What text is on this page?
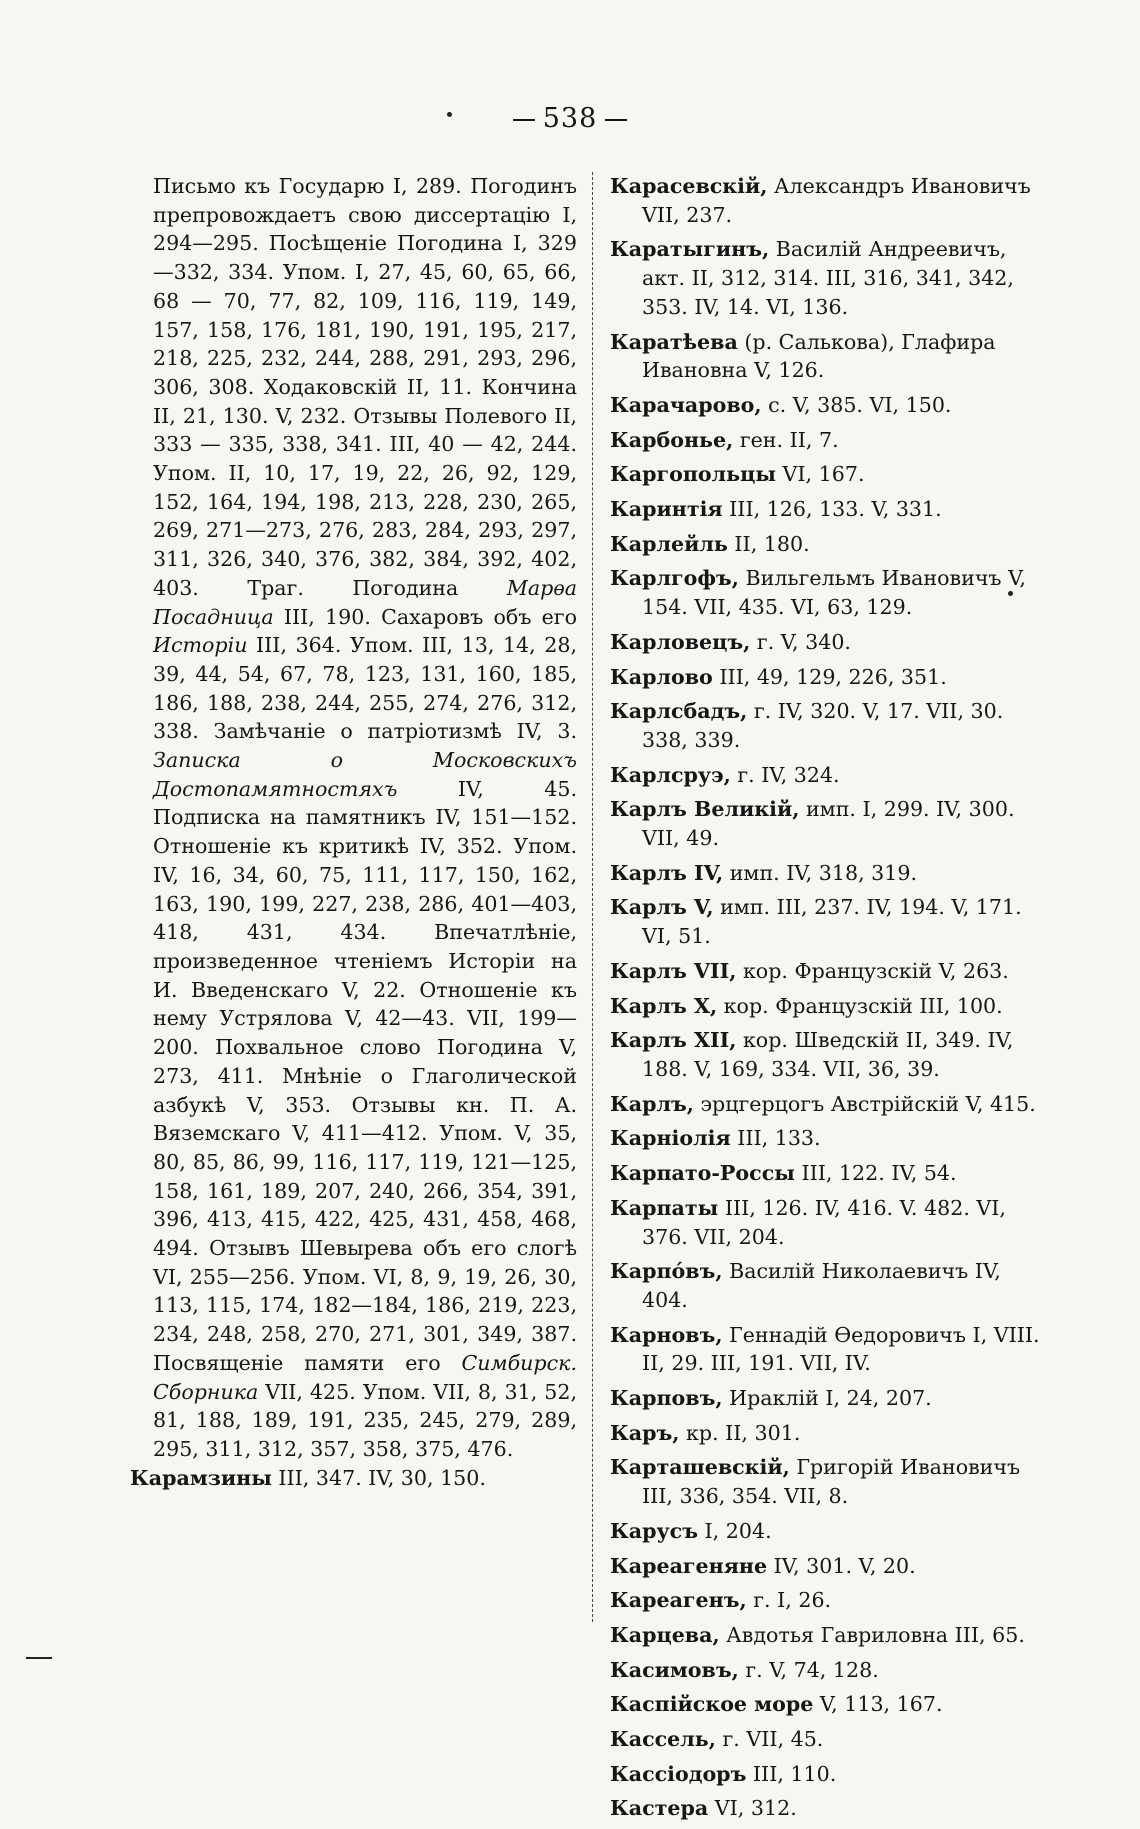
538
Письмо къ Государю I, 289. Погодинъ препровождаетъ свою диссертацію I, 294—295. Посѣщеніе Погодина I, 329—332, 334. Упом. I, 27, 45, 60, 65, 66, 68 — 70, 77, 82, 109, 116, 119, 149, 157, 158, 176, 181, 190, 191, 195, 217, 218, 225, 232, 244, 288, 291, 293, 296, 306, 308. Ходаковскій II, 11. Кончина II, 21, 130. V, 232. Отзывы Полевого II, 333 — 335, 338, 341. III, 40 — 42, 244. Упом. II, 10, 17, 19, 22, 26, 92, 129, 152, 164, 194, 198, 213, 228, 230, 265, 269, 271—273, 276, 283, 284, 293, 297, 311, 326, 340, 376, 382, 384, 392, 402, 403. Траг. Погодина Марѳа Посадница III, 190. Сахаровъ объ его Исторіи III, 364. Упом. III, 13, 14, 28, 39, 44, 54, 67, 78, 123, 131, 160, 185, 186, 188, 238, 244, 255, 274, 276, 312, 338. Замѣчаніе о патріотизмѣ IV, 3. Записка о Московскихъ Достопамятностяхъ	IV, 45. Подписка на памятникъ IV, 151—152. Отношеніе къ критикѣ IV, 352. Упом. IV, 16, 34, 60, 75, 111, 117, 150, 162, 163, 190, 199, 227, 238, 286, 401—403, 418, 431, 434. Впечатлѣніе, произведенное чтеніемъ Исторіи на И. Введенскаго V, 22. Отношеніе къ нему Устрялова V, 42—43. VII, 199—200. Похвальное слово Погодина V, 273, 411. Мнѣніе о Глаголической азбукѣ V, 353. Отзывы кн. П. А. Вяземскаго V, 411—412. Упом. V, 35, 80, 85, 86, 99, 116, 117, 119, 121—125, 158, 161, 189, 207, 240, 266, 354, 391, 396, 413, 415, 422, 425, 431, 458, 468, 494. Отзывъ Шевырева объ его слогѣ VI, 255—256. Упом. VI, 8, 9, 19, 26, 30, 113, 115, 174, 182—184, 186, 219, 223, 234, 248, 258, 270, 271, 301, 349, 387. Посвященіе памяти его Симбирск. Сборника VII, 425. Упом. VII, 8, 31, 52, 81, 188, 189, 191, 235, 245, 279, 289, 295, 311, 312, 357, 358, 375, 476.
Карамзины III, 347. IV, 30, 150.
Карасевскій, Александръ Ивановичъ VII, 237.
Каратыгинъ, Василій Андреевичъ, акт. II, 312, 314. III, 316, 341, 342, 353. IV, 14. VI, 136.
Каратѣева (р. Салькова), Глафира Ивановна V, 126.
Карачарово, с. V, 385. VI, 150.
Карбонье, ген. II, 7.
Каргопольцы VI, 167.
Каринтія III, 126, 133. V, 331.
Карлейль II, 180.
Карлгофъ, Вильгельмъ Ивановичъ V, 154. VII, 435. VI, 63, 129.
Карловецъ, г. V, 340.
Карлово III, 49, 129, 226, 351.
Карлсбадъ, г. IV, 320. V, 17. VII, 30. 338, 339.
Карлсруэ, г. IV, 324.
Карлъ Великій, имп. I, 299. IV, 300. VII, 49.
Карлъ IV, имп. IV, 318, 319.
Карлъ V, имп. III, 237. IV, 194. V, 171. VI, 51.
Карлъ VII, кор. Французскій V, 263.
Карлъ X, кор. Французскій III, 100.
Карлъ XII, кор. Шведскій II, 349. IV, 188. V, 169, 334. VII, 36, 39.
Карлъ, эрцгерцогъ Австрійскій V, 415.
Карніолія III, 133.
Карпато-Россы III, 122. IV, 54.
Карпаты III, 126. IV, 416. V. 482. VI, 376. VII, 204.
Карпо́въ, Василій Николаевичъ IV, 404.
Карновъ, Геннадій Ѳедоровичъ I, VIII. II, 29. III, 191. VII, IV.
Карповъ, Ираклій I, 24, 207.
Каръ, кр. II, 301.
Карташевскій, Григорій Ивановичъ III, 336, 354. VII, 8.
Карусъ I, 204.
Кареагеняне IV, 301. V, 20.
Кареагенъ, г. I, 26.
Карцева, Авдотья Гавриловна III, 65.
Касимовъ, г. V, 74, 128.
Каспійское море V, 113, 167.
Кассель, г. VII, 45.
Кассіодоръ III, 110.
Кастера VI, 312.
